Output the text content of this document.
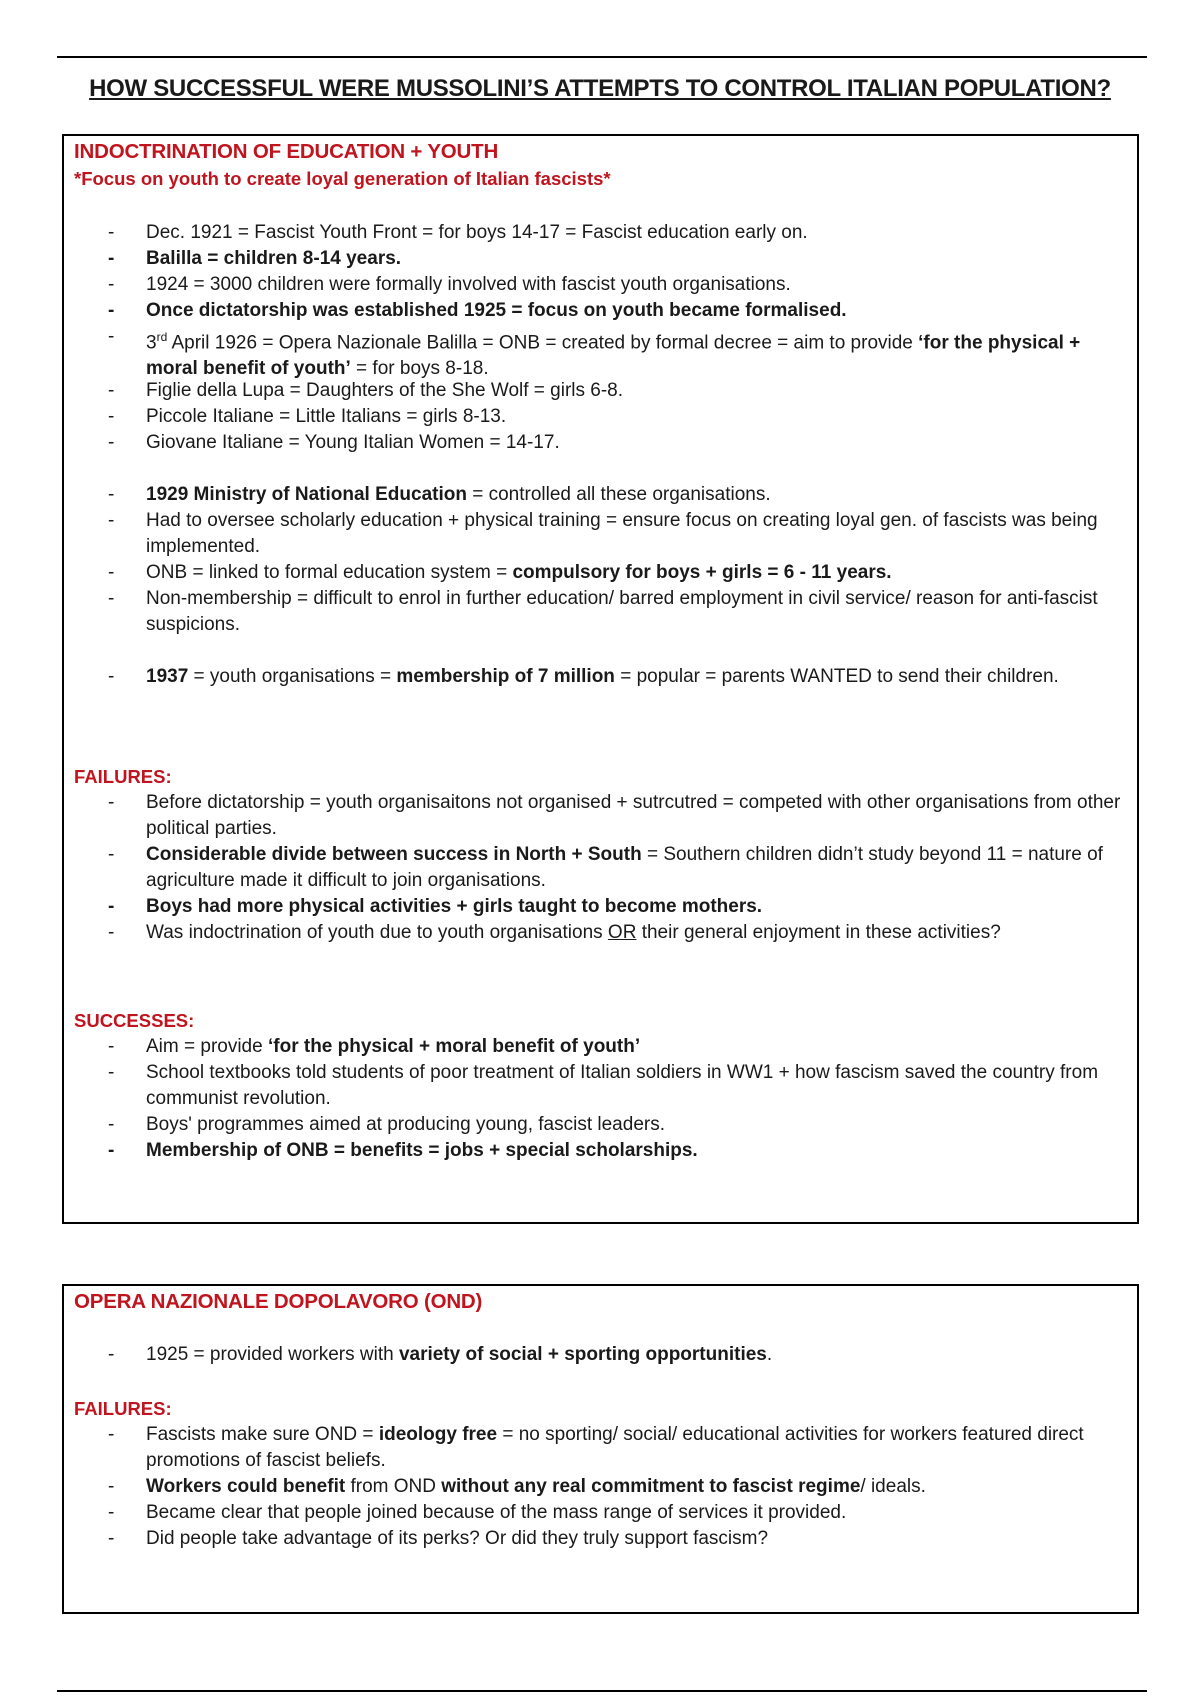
HOW SUCCESSFUL WERE MUSSOLINI’S ATTEMPTS TO CONTROL ITALIAN POPULATION?
INDOCTRINATION OF EDUCATION + YOUTH

*Focus on youth to create loyal generation of Italian fascists*

- Dec. 1921 = Fascist Youth Front = for boys 14-17 = Fascist education early on.
- Balilla = children 8-14 years.
- 1924 = 3000 children were formally involved with fascist youth organisations.
- Once dictatorship was established 1925 = focus on youth became formalised.
- 3rd April 1926 = Opera Nazionale Balilla = ONB = created by formal decree = aim to provide ‘for the physical + moral benefit of youth’ = for boys 8-18.
- Figlie della Lupa = Daughters of the She Wolf = girls 6-8.
- Piccole Italiane = Little Italians = girls 8-13.
- Giovane Italiane = Young Italian Women = 14-17.
- 1929 Ministry of National Education = controlled all these organisations.
- Had to oversee scholarly education + physical training = ensure focus on creating loyal gen. of fascists was being implemented.
- ONB = linked to formal education system = compulsory for boys + girls = 6 - 11 years.
- Non-membership = difficult to enrol in further education/ barred employment in civil service/ reason for anti-fascist suspicions.
- 1937 = youth organisations = membership of 7 million = popular = parents WANTED to send their children.

FAILURES:

- Before dictatorship = youth organisaitons not organised + sutrcutred = competed with other organisations from other political parties.
- Considerable divide between success in North + South = Southern children didn’t study beyond 11 = nature of agriculture made it difficult to join organisations.
- Boys had more physical activities + girls taught to become mothers.
- Was indoctrination of youth due to youth organisations OR their general enjoyment in these activities?

SUCCESSES:

- Aim = provide ‘for the physical + moral benefit of youth’
- School textbooks told students of poor treatment of Italian soldiers in WW1 + how fascism saved the country from communist revolution.
- Boys' programmes aimed at producing young, fascist leaders.
- Membership of ONB = benefits = jobs + special scholarships.
OPERA NAZIONALE DOPOLAVORO (OND)
- 1925 = provided workers with variety of social + sporting opportunities.

FAILURES:

- Fascists make sure OND = ideology free = no sporting/ social/ educational activities for workers featured direct promotions of fascist beliefs.
- Workers could benefit from OND without any real commitment to fascist regime/ ideals.
- Became clear that people joined because of the mass range of services it provided.
- Did people take advantage of its perks? Or did they truly support fascism?
